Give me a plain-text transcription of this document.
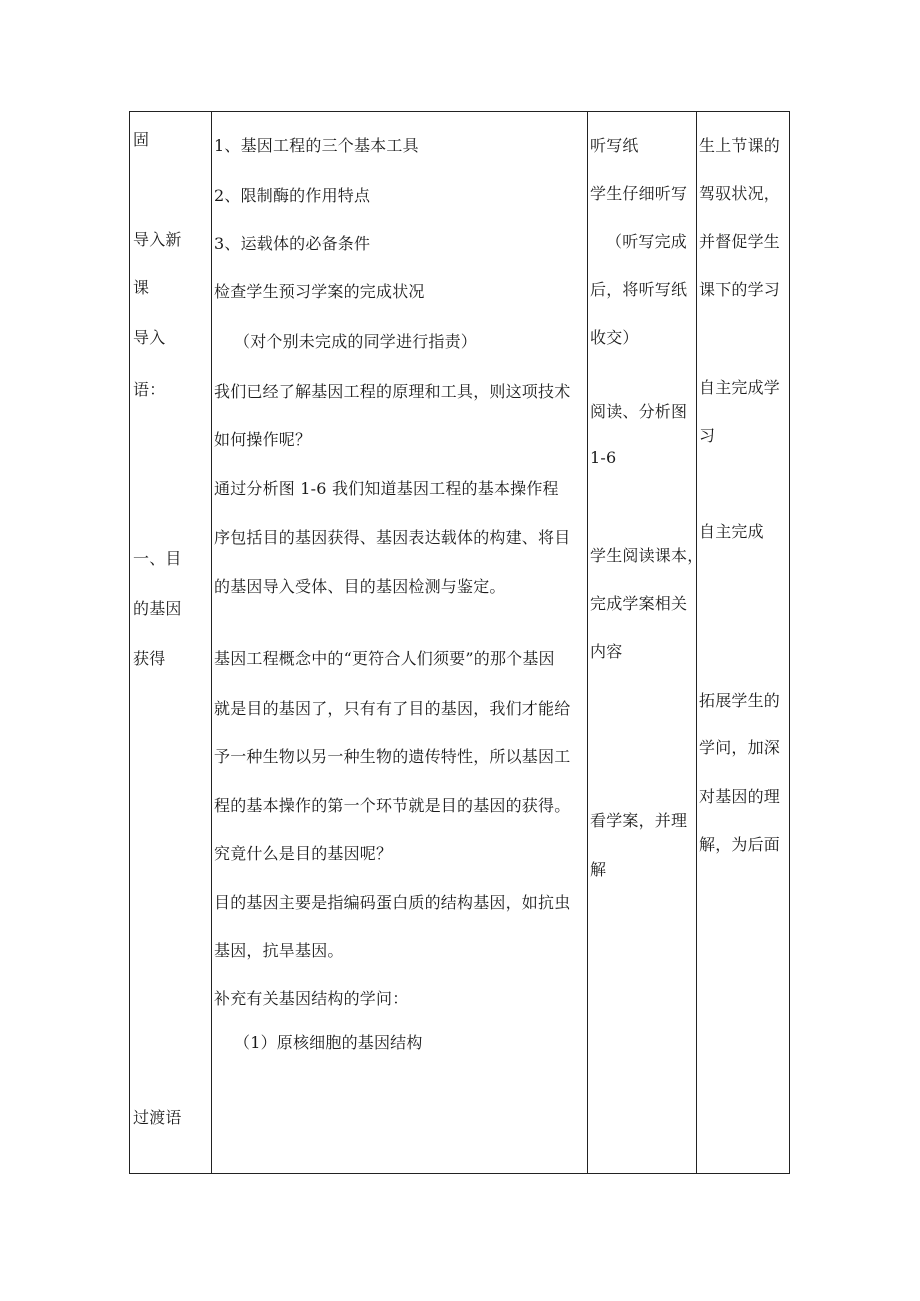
固
导入新
课
导入
语：
一、目
的基因
获得
过渡语
1、基因工程的三个基本工具
2、限制酶的作用特点
3、运载体的必备条件
检查学生预习学案的完成状况
（对个别未完成的同学进行指责）
我们已经了解基因工程的原理和工具，则这项技术
如何操作呢？
通过分析图 1-6 我们知道基因工程的基本操作程
序包括目的基因获得、基因表达载体的构建、将目
的基因导入受体、目的基因检测与鉴定。
基因工程概念中的“更符合人们须要”的那个基因
就是目的基因了，只有有了目的基因，我们才能给
予一种生物以另一种生物的遗传特性，所以基因工
程的基本操作的第一个环节就是目的基因的获得。
究竟什么是目的基因呢？
目的基因主要是指编码蛋白质的结构基因，如抗虫
基因，抗旱基因。
补充有关基因结构的学问：
（1）原核细胞的基因结构
听写纸
学生仔细听写
（听写完成
后，将听写纸
收交）
阅读、分析图
1-6
学生阅读课本，
完成学案相关
内容
看学案，并理
解
生上节课的
驾驭状况，
并督促学生
课下的学习
自主完成学
习
自主完成
拓展学生的
学问，加深
对基因的理
解，为后面
